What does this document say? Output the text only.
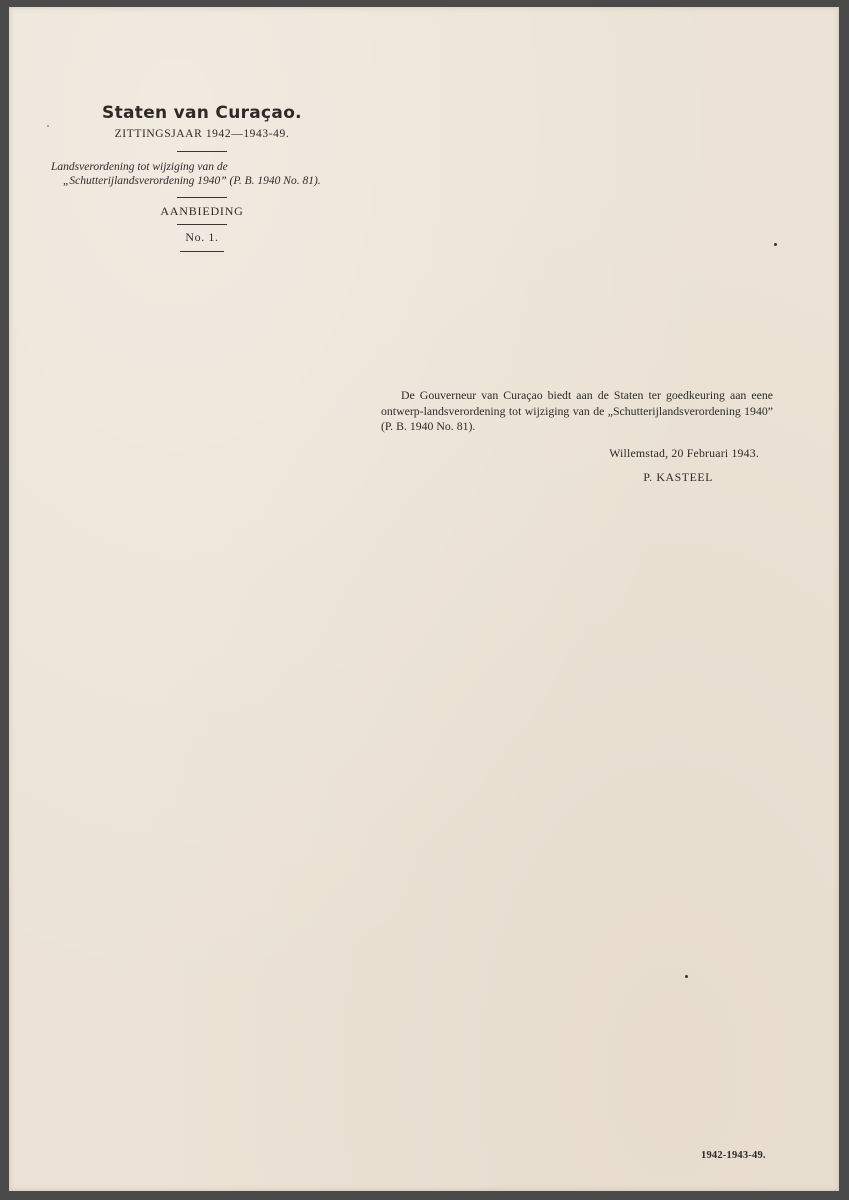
Staten van Curaçao.
ZITTINGSJAAR 1942—1943-49.
Landsverordening tot wijziging van de „Schutterijlandsverordening 1940” (P. B. 1940 No. 81).
AANBIEDING
No. 1.

De Gouverneur van Curaçao biedt aan de Staten ter goedkeuring aan eene ontwerp-landsverordening tot wijziging van de „Schutterijlandsverordening 1940” (P. B. 1940 No. 81).

Willemstad, 20 Februari 1943.
P. KASTEEL
1942-1943-49.
